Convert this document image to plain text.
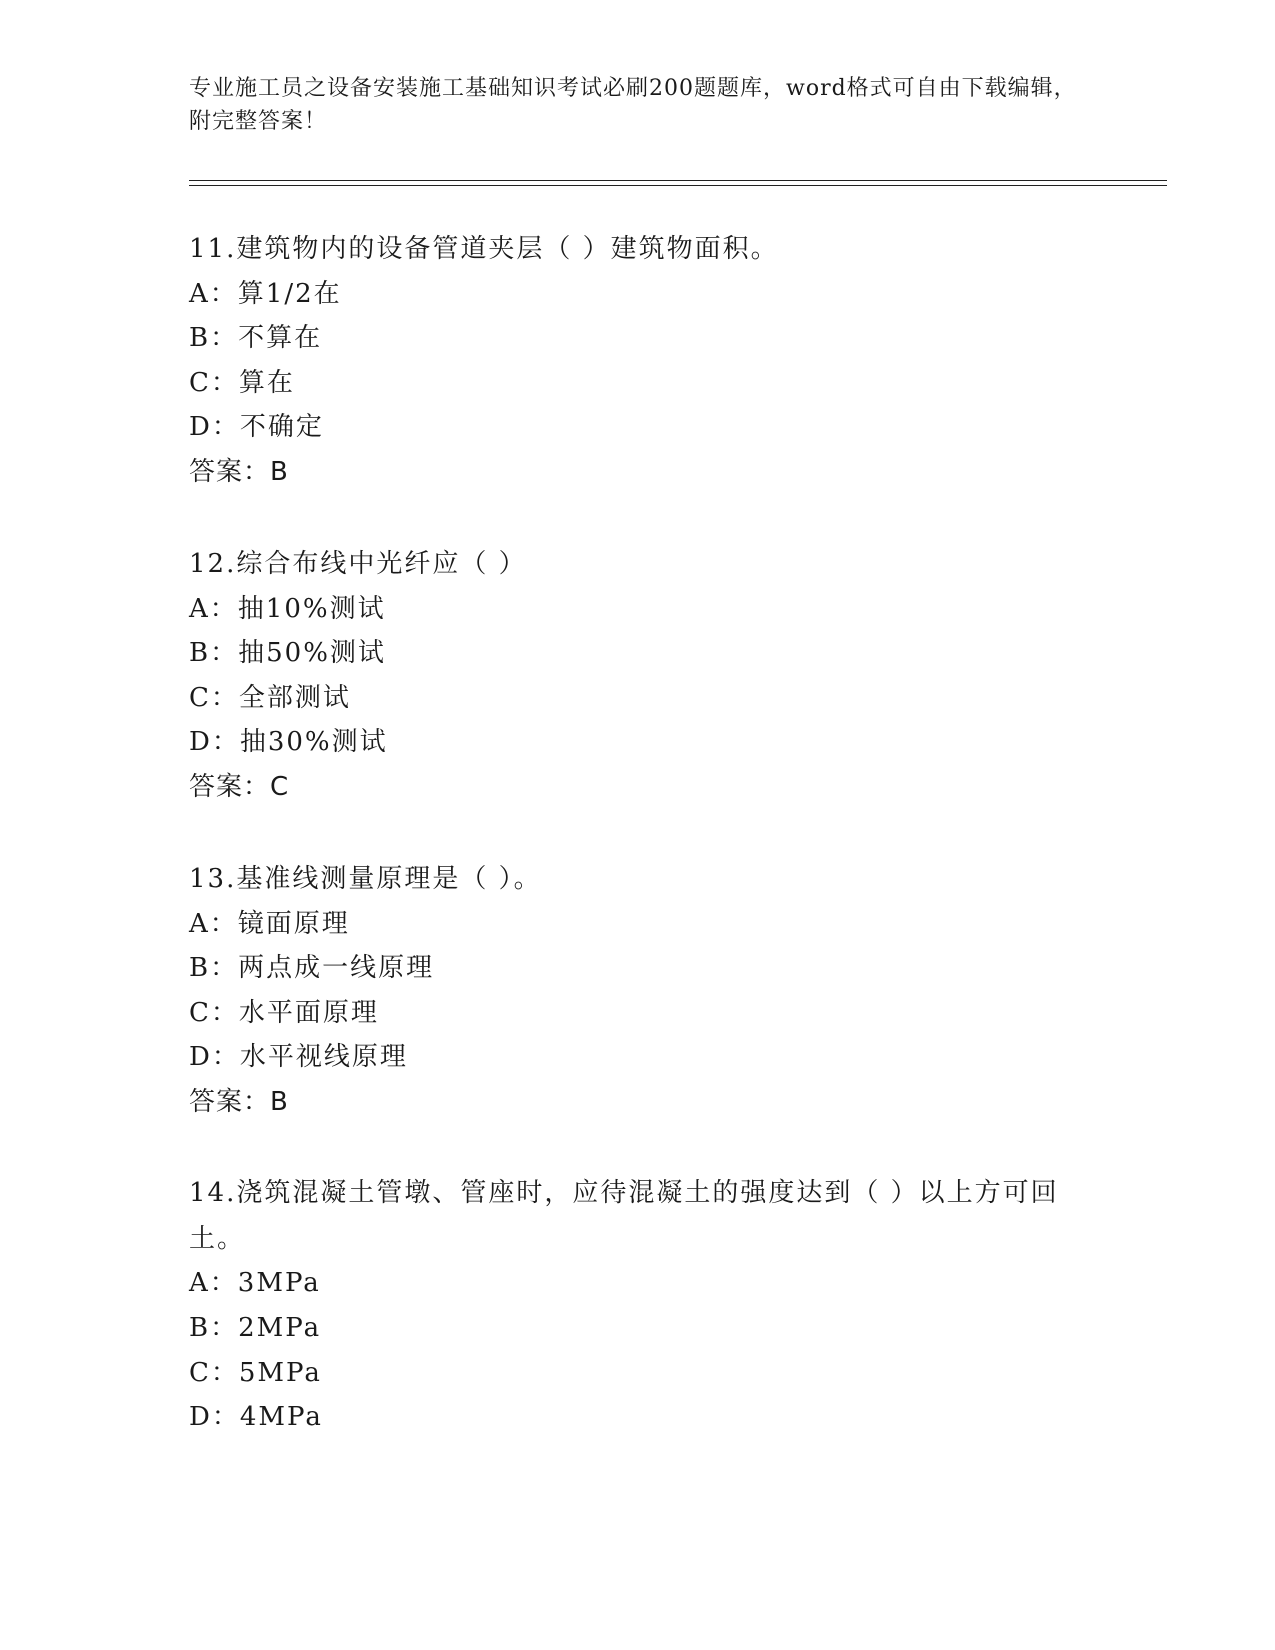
专业施工员之设备安装施工基础知识考试必刷200题题库，word格式可自由下载编辑，附完整答案！
11.建筑物内的设备管道夹层（ ）建筑物面积。
A：算1/2在
B：不算在
C：算在
D：不确定
答案：B
12.综合布线中光纤应（ ）
A：抽10%测试
B：抽50%测试
C：全部测试
D：抽30%测试
答案：C
13.基准线测量原理是（ ）。
A：镜面原理
B：两点成一线原理
C：水平面原理
D：水平视线原理
答案：B
14.浇筑混凝土管墩、管座时，应待混凝土的强度达到（ ）以上方可回土。
A：3MPa
B：2MPa
C：5MPa
D：4MPa
